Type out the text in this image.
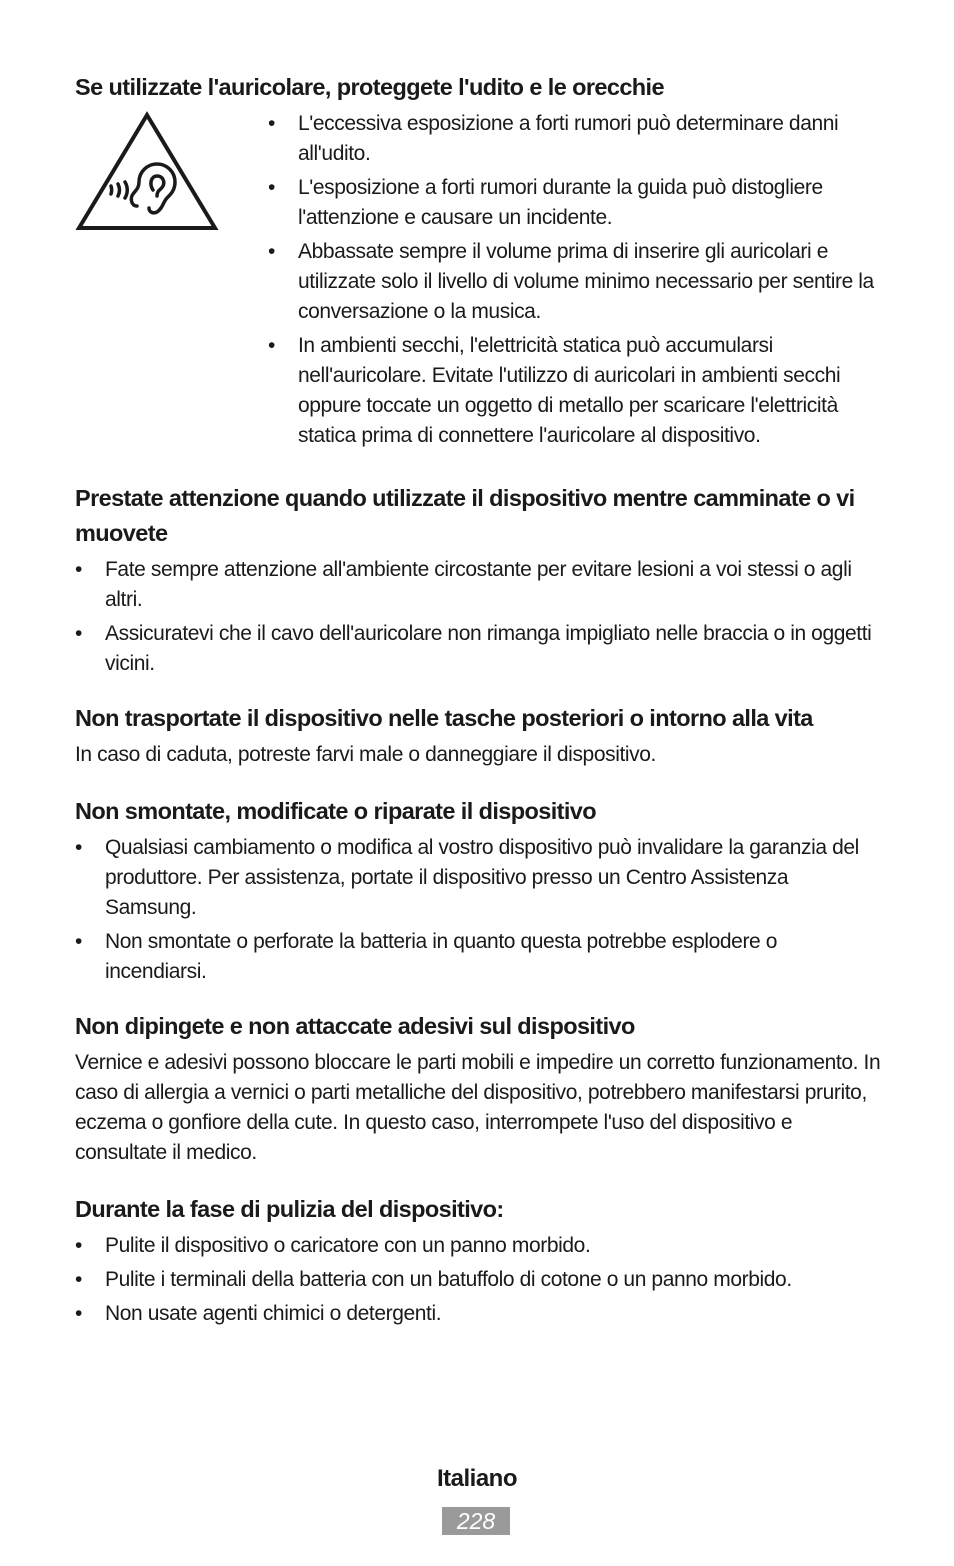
Se utilizzate l'auricolare, proteggete l'udito e le orecchie
•	L'eccessiva esposizione a forti rumori può determinare danni all'udito.
•	L'esposizione a forti rumori durante la guida può distogliere l'attenzione e causare un incidente.
•	Abbassate sempre il volume prima di inserire gli auricolari e utilizzate solo il livello di volume minimo necessario per sentire la conversazione o la musica.
•	In ambienti secchi, l'elettricità statica può accumularsi nell'auricolare. Evitate l'utilizzo di auricolari in ambienti secchi oppure toccate un oggetto di metallo per scaricare l'elettricità statica prima di connettere l'auricolare al dispositivo.
Prestate attenzione quando utilizzate il dispositivo mentre camminate o vi muovete
•	Fate sempre attenzione all'ambiente circostante per evitare lesioni a voi stessi o agli altri.
•	Assicuratevi che il cavo dell'auricolare non rimanga impigliato nelle braccia o in oggetti vicini.
Non trasportate il dispositivo nelle tasche posteriori o intorno alla vita

In caso di caduta, potreste farvi male o danneggiare il dispositivo.

Non smontate, modificate o riparate il dispositivo
•	Qualsiasi cambiamento o modifica al vostro dispositivo può invalidare la garanzia del produttore. Per assistenza, portate il dispositivo presso un Centro Assistenza Samsung.
•	Non smontate o perforate la batteria in quanto questa potrebbe esplodere o incendiarsi.
Non dipingete e non attaccate adesivi sul dispositivo

Vernice e adesivi possono bloccare le parti mobili e impedire un corretto funzionamento. In caso di allergia a vernici o parti metalliche del dispositivo, potrebbero manifestarsi prurito, eczema o gonfiore della cute. In questo caso, interrompete l'uso del dispositivo e consultate il medico.

Durante la fase di pulizia del dispositivo:
•	Pulite il dispositivo o caricatore con un panno morbido.
•	Pulite i terminali della batteria con un batuffolo di cotone o un panno morbido.
•	Non usate agenti chimici o detergenti.
Italiano
228
